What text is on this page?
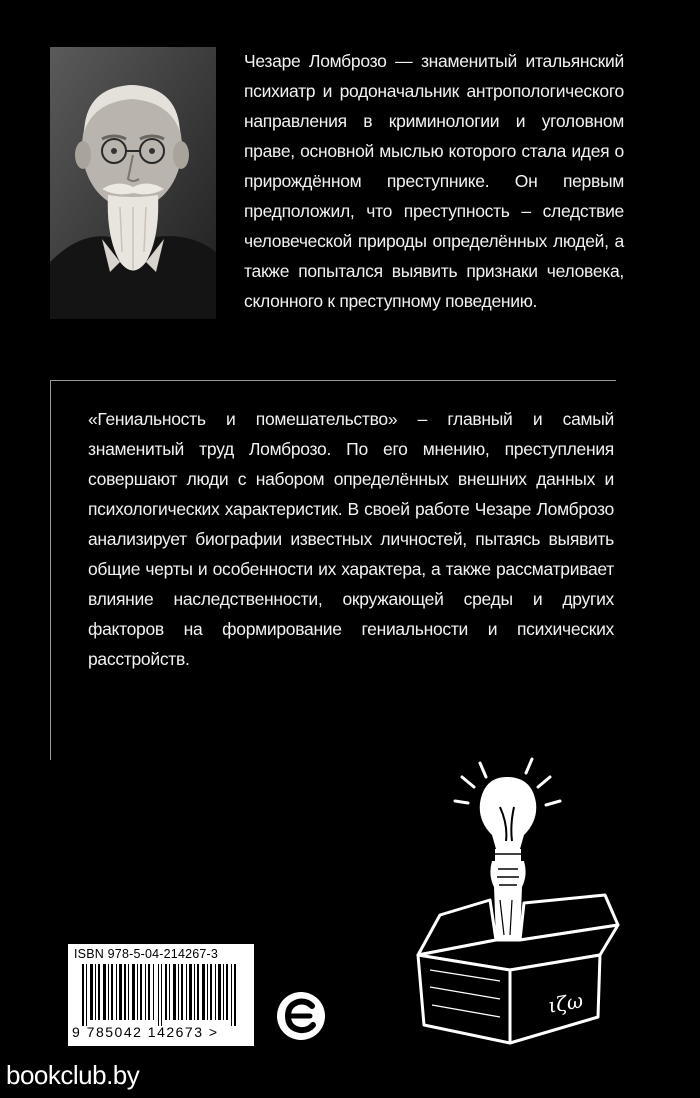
Чезаре Ломброзо — знаменитый итальянский психиатр и родоначальник антропологического направления в криминологии и уголовном праве, основной мыслью которого стала идея о прирождённом преступнике. Он первым предположил, что преступность – следствие человеческой природы определённых людей, а также попытался выявить признаки человека, склонного к преступному поведению.
«Гениальность и помешательство» – главный и самый знаменитый труд Ломброзо. По его мнению, преступления совершают люди с набором определённых внешних данных и психологических характеристик. В своей работе Чезаре Ломброзо анализирует биографии известных личностей, пытаясь выявить общие черты и особенности их характера, а также рассматривает влияние наследственности, окружающей среды и других факторов на формирование гениальности и психических расстройств.
ιζω
ISBN 978-5-04-214267-3
9 785042 142673 >
bookclub.by
